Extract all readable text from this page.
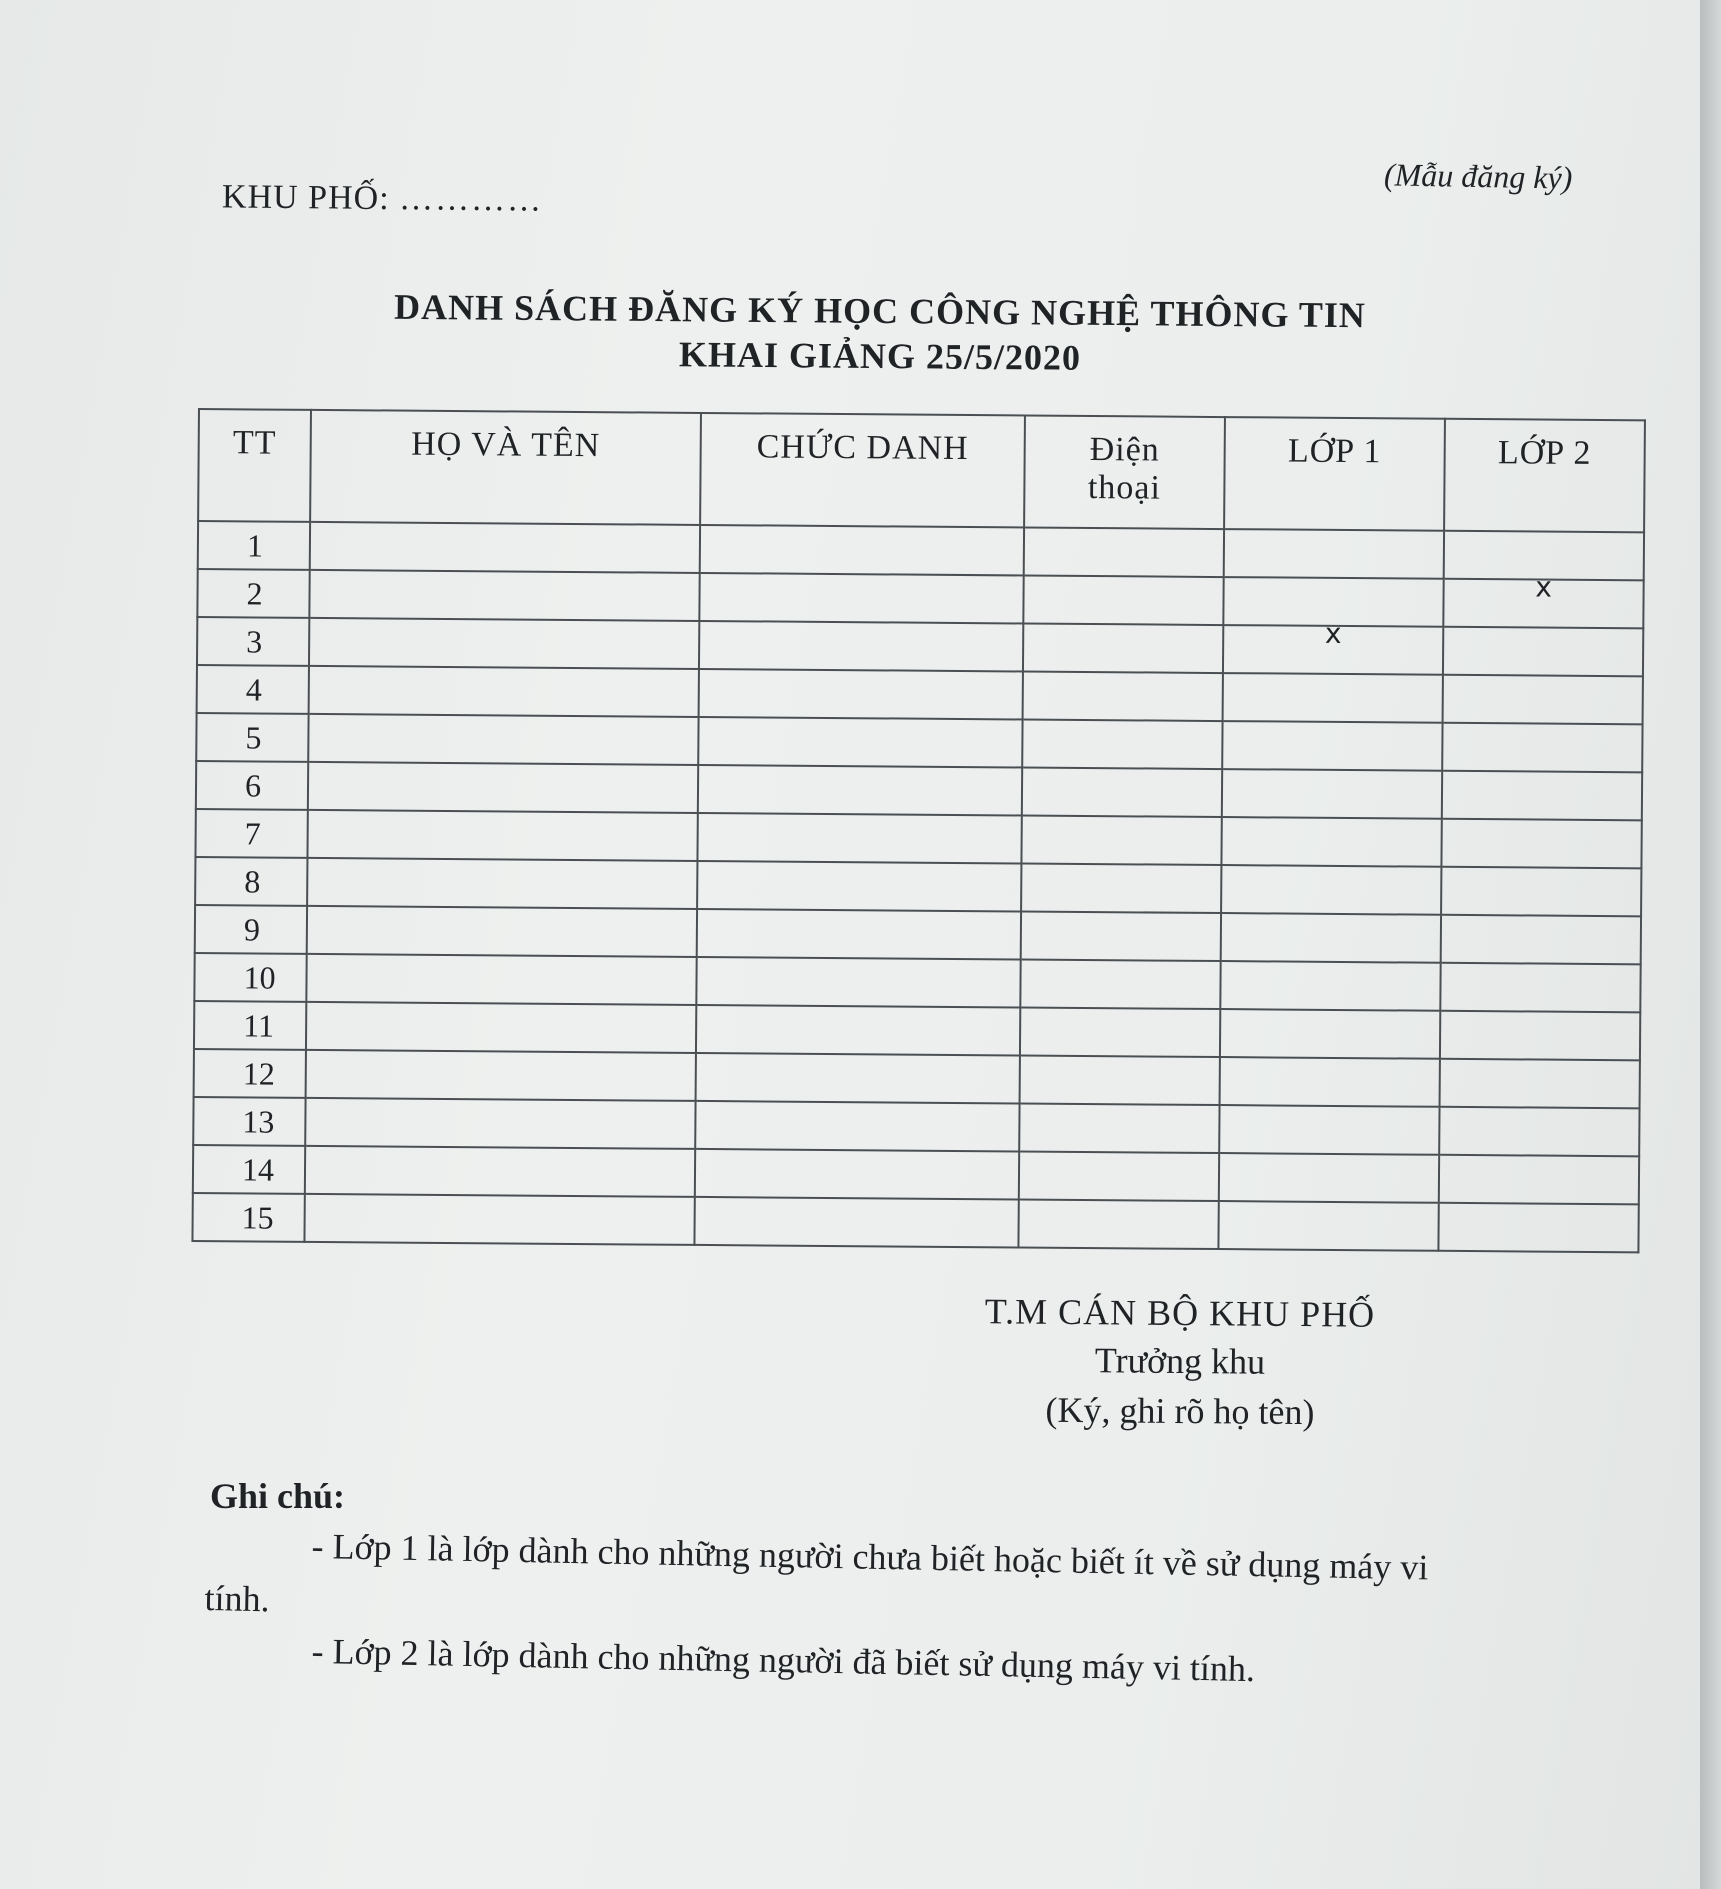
KHU PHỐ: …………
(Mẫu đăng ký)
DANH SÁCH ĐĂNG KÝ HỌC CÔNG NGHỆ THÔNG TIN
KHAI GIẢNG 25/5/2020
TT	HỌ VÀ TÊN	CHỨC DANH	Điện thoại	LỚP 1	LỚP 2
1					
2					x
3				x	
4					
5					
6					
7					
8					
9					
10					
11					
12					
13					
14					
15					
T.M CÁN BỘ KHU PHỐ
Trưởng khu
(Ký, ghi rõ họ tên)
Ghi chú:
- Lớp 1 là lớp dành cho những người chưa biết hoặc biết ít về sử dụng máy vi
tính.
- Lớp 2 là lớp dành cho những người đã biết sử dụng máy vi tính.
